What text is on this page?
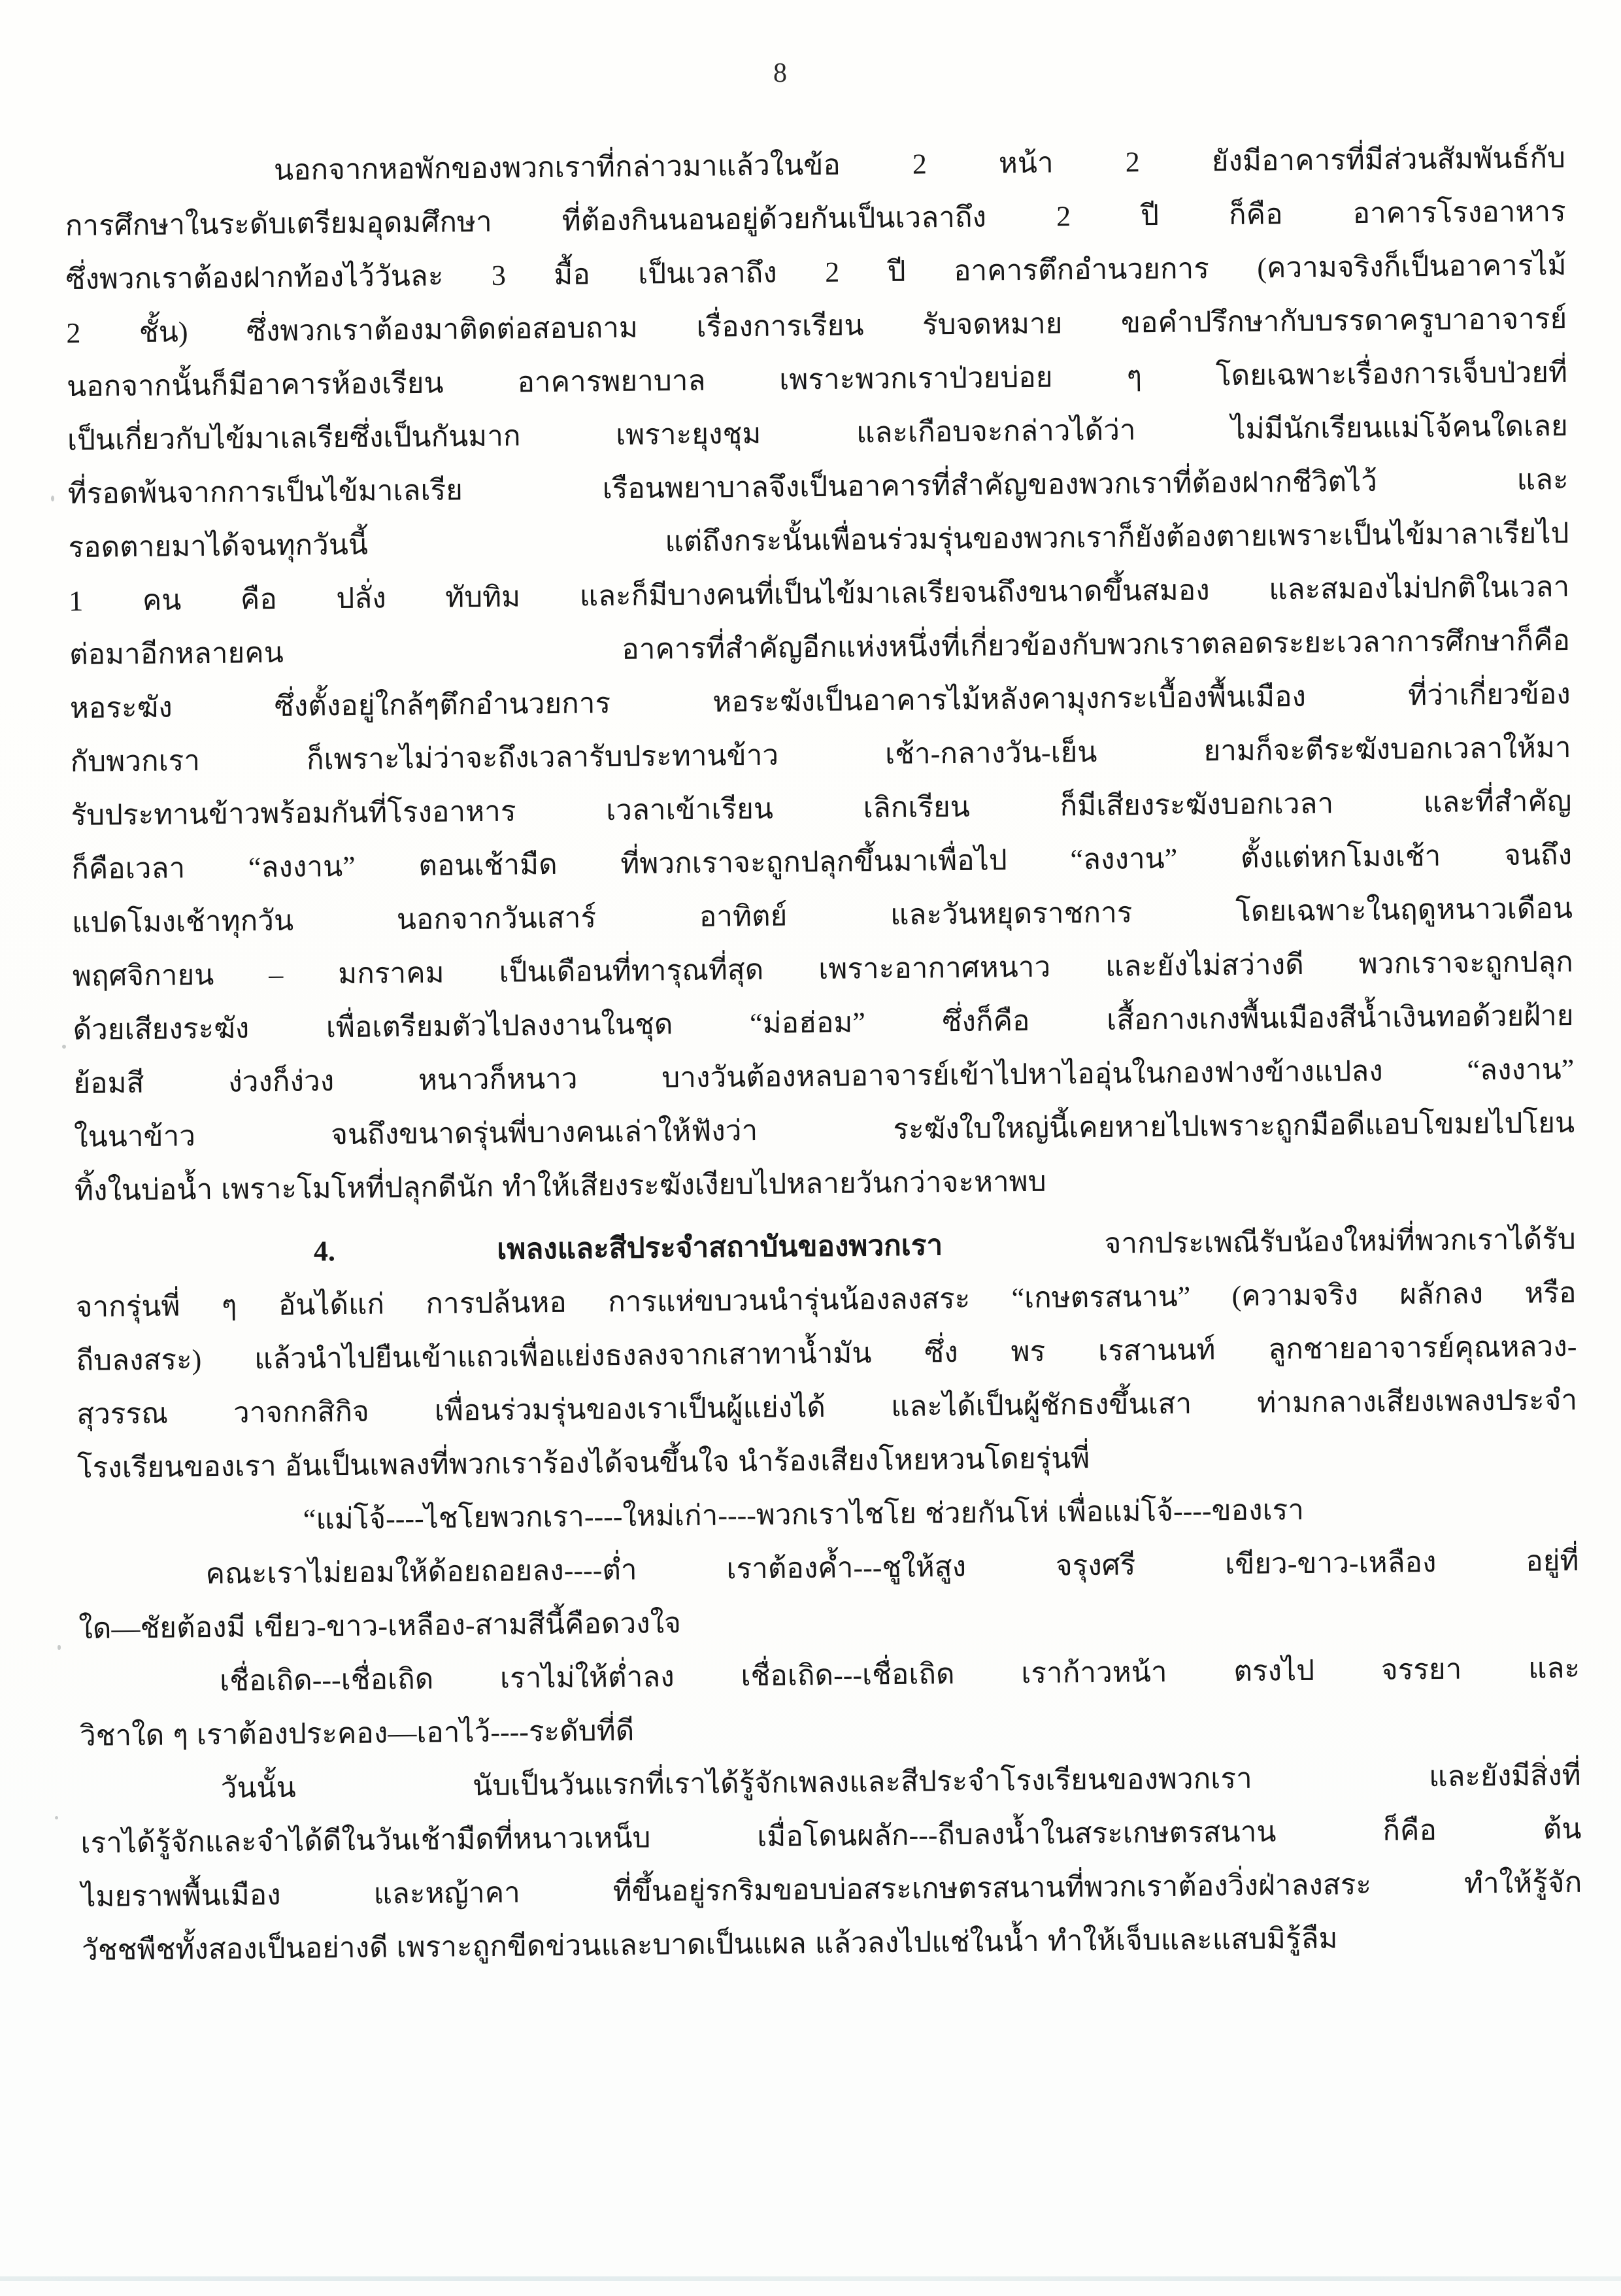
8
นอกจากหอพักของพวกเราที่กล่าวมาแล้วในข้อ 2 หน้า 2 ยังมีอาคารที่มีส่วนสัมพันธ์กับ
การศึกษาในระดับเตรียมอุดมศึกษา ที่ต้องกินนอนอยู่ด้วยกันเป็นเวลาถึง 2 ปี ก็คือ อาคารโรงอาหาร
ซึ่งพวกเราต้องฝากท้องไว้วันละ 3 มื้อ เป็นเวลาถึง 2 ปี อาคารตึกอำนวยการ (ความจริงก็เป็นอาคารไม้
2 ชั้น) ซึ่งพวกเราต้องมาติดต่อสอบถาม เรื่องการเรียน รับจดหมาย ขอคำปรึกษากับบรรดาครูบาอาจารย์
นอกจากนั้นก็มีอาคารห้องเรียน อาคารพยาบาล เพราะพวกเราป่วยบ่อย ๆ โดยเฉพาะเรื่องการเจ็บป่วยที่
เป็นเกี่ยวกับไข้มาเลเรียซึ่งเป็นกันมาก เพราะยุงชุม และเกือบจะกล่าวได้ว่า ไม่มีนักเรียนแม่โจ้คนใดเลย
ที่รอดพ้นจากการเป็นไข้มาเลเรีย เรือนพยาบาลจึงเป็นอาคารที่สำคัญของพวกเราที่ต้องฝากชีวิตไว้ และ
รอดตายมาได้จนทุกวันนี้ แต่ถึงกระนั้นเพื่อนร่วมรุ่นของพวกเราก็ยังต้องตายเพราะเป็นไข้มาลาเรียไป
1 คน คือ ปลั่ง ทับทิม และก็มีบางคนที่เป็นไข้มาเลเรียจนถึงขนาดขึ้นสมอง และสมองไม่ปกติในเวลา
ต่อมาอีกหลายคน อาคารที่สำคัญอีกแห่งหนึ่งที่เกี่ยวข้องกับพวกเราตลอดระยะเวลาการศึกษาก็คือ
หอระฆัง ซึ่งตั้งอยู่ใกล้ๆตึกอำนวยการ หอระฆังเป็นอาคารไม้หลังคามุงกระเบื้องพื้นเมือง ที่ว่าเกี่ยวข้อง
กับพวกเรา ก็เพราะไม่ว่าจะถึงเวลารับประทานข้าว เช้า-กลางวัน-เย็น ยามก็จะตีระฆังบอกเวลาให้มา
รับประทานข้าวพร้อมกันที่โรงอาหาร เวลาเข้าเรียน เลิกเรียน ก็มีเสียงระฆังบอกเวลา และที่สำคัญ
ก็คือเวลา “ลงงาน” ตอนเช้ามืด ที่พวกเราจะถูกปลุกขึ้นมาเพื่อไป “ลงงาน” ตั้งแต่หกโมงเช้า จนถึง
แปดโมงเช้าทุกวัน นอกจากวันเสาร์ อาทิตย์ และวันหยุดราชการ โดยเฉพาะในฤดูหนาวเดือน
พฤศจิกายน – มกราคม เป็นเดือนที่ทารุณที่สุด เพราะอากาศหนาว และยังไม่สว่างดี พวกเราจะถูกปลุก
ด้วยเสียงระฆัง เพื่อเตรียมตัวไปลงงานในชุด “ม่อฮ่อม” ซึ่งก็คือ เสื้อกางเกงพื้นเมืองสีน้ำเงินทอด้วยฝ้าย
ย้อมสี ง่วงก็ง่วง หนาวก็หนาว บางวันต้องหลบอาจารย์เข้าไปหาไออุ่นในกองฟางข้างแปลง “ลงงาน”
ในนาข้าว จนถึงขนาดรุ่นพี่บางคนเล่าให้ฟังว่า ระฆังใบใหญ่นี้เคยหายไปเพราะถูกมือดีแอบโขมยไปโยน
ทิ้งในบ่อน้ำ เพราะโมโหที่ปลุกดีนัก ทำให้เสียงระฆังเงียบไปหลายวันกว่าจะหาพบ
4. เพลงและสีประจำสถาบันของพวกเรา จากประเพณีรับน้องใหม่ที่พวกเราได้รับ
จากรุ่นพี่ ๆ อันได้แก่ การปล้นหอ การแห่ขบวนนำรุ่นน้องลงสระ “เกษตรสนาน” (ความจริง ผลักลง หรือ
ถีบลงสระ) แล้วนำไปยืนเข้าแถวเพื่อแย่งธงลงจากเสาทาน้ำมัน ซึ่ง พร เรสานนท์ ลูกชายอาจารย์คุณหลวง-
สุวรรณ วาจกกสิกิจ เพื่อนร่วมรุ่นของเราเป็นผู้แย่งได้ และได้เป็นผู้ชักธงขึ้นเสา ท่ามกลางเสียงเพลงประจำ
โรงเรียนของเรา อันเป็นเพลงที่พวกเราร้องได้จนขึ้นใจ นำร้องเสียงโหยหวนโดยรุ่นพี่
“แม่โจ้----ไชโยพวกเรา----ใหม่เก่า----พวกเราไชโย ช่วยกันโห่ เพื่อแม่โจ้----ของเรา
คณะเราไม่ยอมให้ด้อยถอยลง----ต่ำ เราต้องค้ำ---ชูให้สูง จรุงศรี เขียว-ขาว-เหลือง อยู่ที่
ใด—ชัยต้องมี เขียว-ขาว-เหลือง-สามสีนี้คือดวงใจ
เชื่อเถิด---เชื่อเถิด เราไม่ให้ต่ำลง เชื่อเถิด---เชื่อเถิด เราก้าวหน้า ตรงไป จรรยา และ
วิชาใด ๆ เราต้องประคอง—เอาไว้----ระดับที่ดี
วันนั้น นับเป็นวันแรกที่เราได้รู้จักเพลงและสีประจำโรงเรียนของพวกเรา และยังมีสิ่งที่
เราได้รู้จักและจำได้ดีในวันเช้ามืดที่หนาวเหน็บ เมื่อโดนผลัก---ถีบลงน้ำในสระเกษตรสนาน ก็คือ ต้น
ไมยราพพื้นเมือง และหญ้าคา ที่ขึ้นอยู่รกริมขอบบ่อสระเกษตรสนานที่พวกเราต้องวิ่งฝ่าลงสระ ทำให้รู้จัก
วัชชพืชทั้งสองเป็นอย่างดี เพราะถูกขีดข่วนและบาดเป็นแผล แล้วลงไปแช่ในน้ำ ทำให้เจ็บและแสบมิรู้ลืม
